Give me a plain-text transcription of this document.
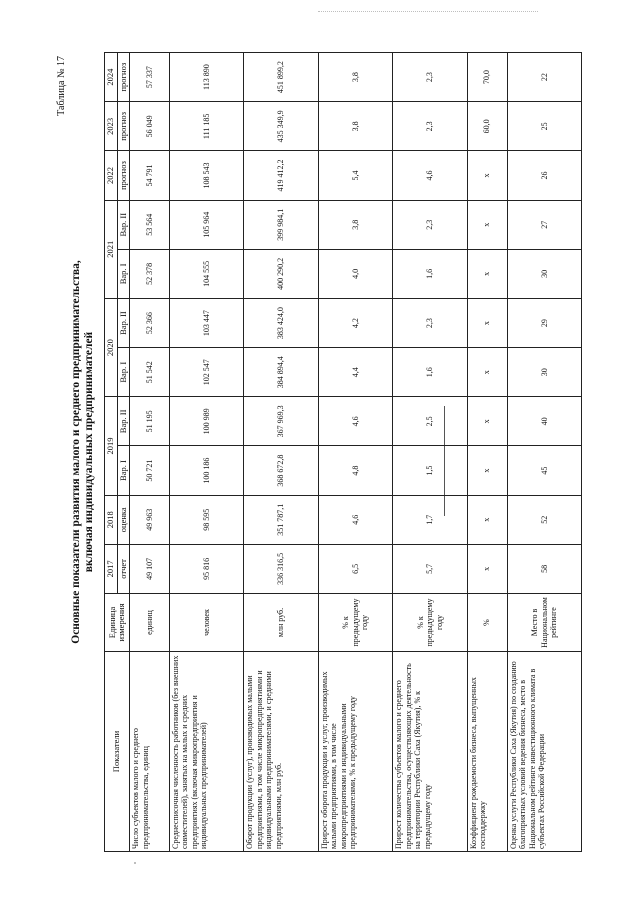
Таблица № 17
Основные показатели развития малого и среднего предпринимательства, включая индивидуальных предпринимателей
Показатели	Единица измерения	2017	2018	2019		2020		2021		2022	2023	2024
		отчет	оценка	Вар. I	Вар. II	Вар. I	Вар. II	Вар. I	Вар. II	прогноз	прогноз	прогноз
Число субъектов малого и среднего предпринимательства, единиц	единиц	49 107	49 963	50 721	51 195	51 542	52 366	52 378	53 564	54 791	56 049	57 337
Среднесписочная численность работников (без внешних совместителей), занятых на малых и средних предприятиях (включая микропредприятия и индивидуальных предпринимателей)	человек	95 816	98 595	100 186	100 989	102 547	103 447	104 555	105 964	108 543	111 185	113 890
Оборот продукции (услуг), производимых малыми предприятиями, в том числе микропредприятиями и индивидуальными предпринимателями, и средними предприятиями, млн руб.	млн руб.	336 316,5	351 787,1	368 672,8	367 969,3	384 894,4	383 424,0	400 290,2	399 984,1	419 412,2	435 349,9	451 899,2
Прирост оборота продукции и услуг, производимых малыми предприятиями, в том числе микропредприятиями и индивидуальными предпринимателями, % к предыдущему году	% к предыдущему году	6,5	4,6	4,8	4,6	4,4	4,2	4,0	3,8	5,4	3,8	3,8
Прирост количества субъектов малого и среднего предпринимательства, осуществляющих деятельность на территории Республики Саха (Якутия), % к предыдущему году	% к предыдущему году	5,7	1,7	1,5	2,5	1,6	2,3	1,6	2,3	4,6	2,3	2,3
Коэффициент рождаемости бизнеса, выпущенных господдержку	%	x	x	x	x	x	x	x	x	x	60,0	70,0
Оценка услуги Республики Саха (Якутия) по созданию благоприятных условий ведения бизнеса, место в Национальном рейтинге инвестиционного климата в субъектах Российской Федерации	Место в Национальном рейтинге	58	52	45	40	30	29	30	27	26	25	22
